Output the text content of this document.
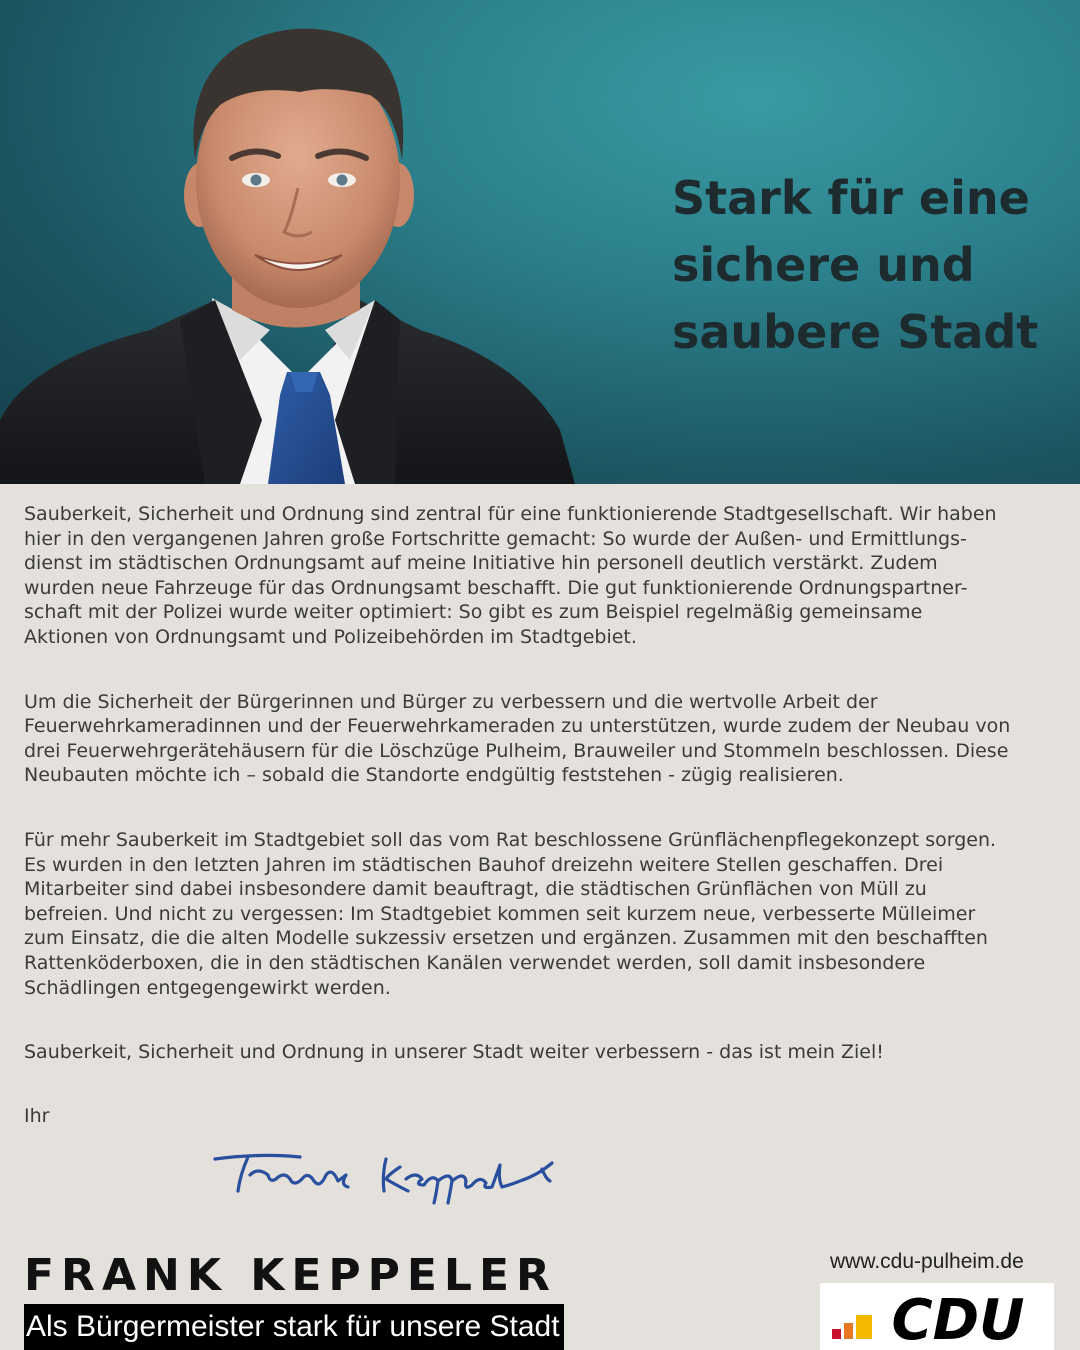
Stark für eine
sichere und
saubere Stadt

Sauberkeit, Sicherheit und Ordnung sind zentral für eine funktionierende Stadtgesellschaft. Wir haben
hier in den vergangenen Jahren große Fortschritte gemacht: So wurde der Außen- und Ermittlungs-
dienst im städtischen Ordnungsamt auf meine Initiative hin personell deutlich verstärkt. Zudem
wurden neue Fahrzeuge für das Ordnungsamt beschafft. Die gut funktionierende Ordnungspartner-
schaft mit der Polizei wurde weiter optimiert: So gibt es zum Beispiel regelmäßig gemeinsame
Aktionen von Ordnungsamt und Polizeibehörden im Stadtgebiet.

Um die Sicherheit der Bürgerinnen und Bürger zu verbessern und die wertvolle Arbeit der
Feuerwehrkameradinnen und der Feuerwehrkameraden zu unterstützen, wurde zudem der Neubau von
drei Feuerwehrgerätehäusern für die Löschzüge Pulheim, Brauweiler und Stommeln beschlossen. Diese
Neubauten möchte ich – sobald die Standorte endgültig feststehen - zügig realisieren.

Für mehr Sauberkeit im Stadtgebiet soll das vom Rat beschlossene Grünflächenpflegekonzept sorgen.
Es wurden in den letzten Jahren im städtischen Bauhof dreizehn weitere Stellen geschaffen. Drei
Mitarbeiter sind dabei insbesondere damit beauftragt, die städtischen Grünflächen von Müll zu
befreien. Und nicht zu vergessen: Im Stadtgebiet kommen seit kurzem neue, verbesserte Mülleimer
zum Einsatz, die die alten Modelle sukzessiv ersetzen und ergänzen. Zusammen mit den beschafften
Rattenköderboxen, die in den städtischen Kanälen verwendet werden, soll damit insbesondere
Schädlingen entgegengewirkt werden.

Sauberkeit, Sicherheit und Ordnung in unserer Stadt weiter verbessern - das ist mein Ziel!
Ihr
FRANK KEPPELER
Als Bürgermeister stark für unsere Stadt
www.cdu-pulheim.de
CDU
